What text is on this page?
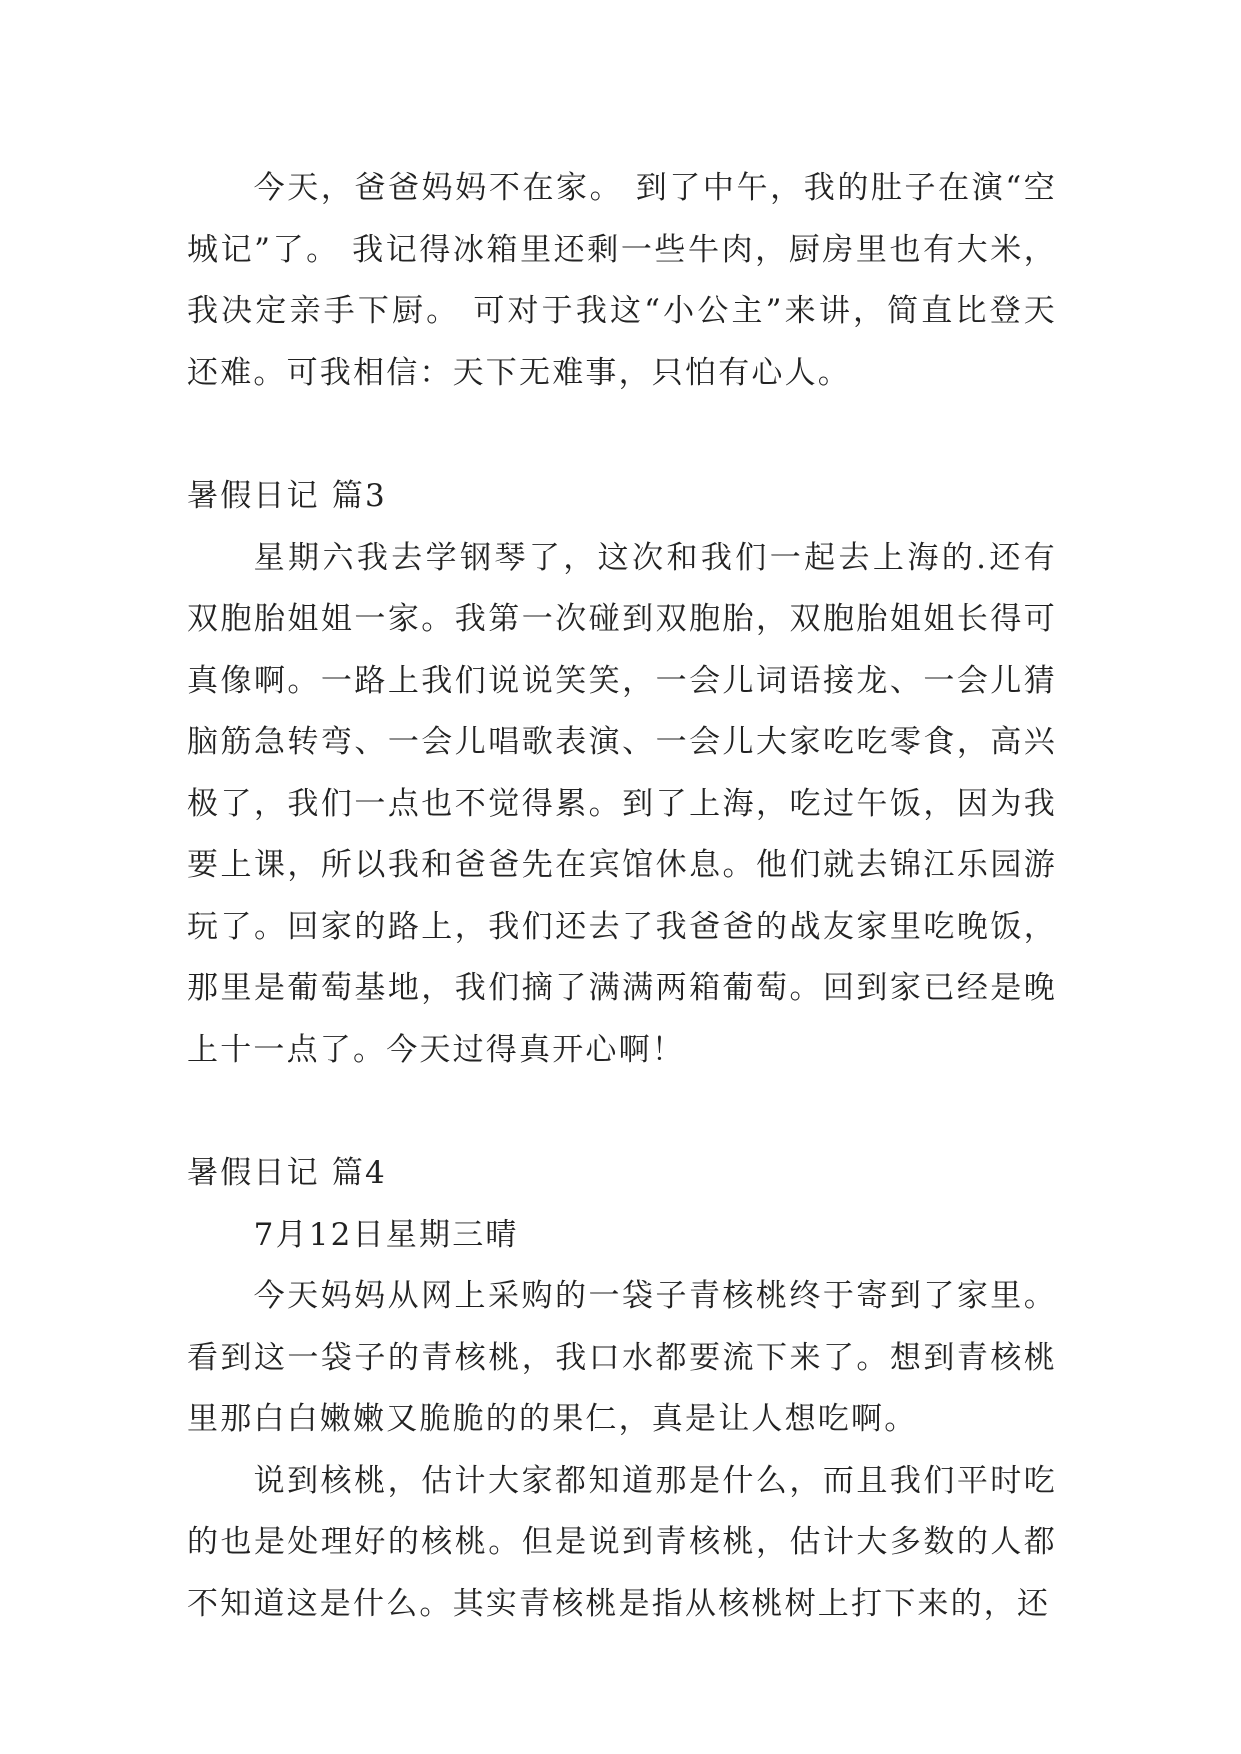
今天，爸爸妈妈不在家。 到了中午，我的肚子在演“空城记”了。 我记得冰箱里还剩一些牛肉，厨房里也有大米，我决定亲手下厨。 可对于我这“小公主”来讲，简直比登天还难。可我相信：天下无难事，只怕有心人。

暑假日记 篇3

星期六我去学钢琴了，这次和我们一起去上海的.还有双胞胎姐姐一家。我第一次碰到双胞胎，双胞胎姐姐长得可真像啊。一路上我们说说笑笑，一会儿词语接龙、一会儿猜脑筋急转弯、一会儿唱歌表演、一会儿大家吃吃零食，高兴极了，我们一点也不觉得累。到了上海，吃过午饭，因为我要上课，所以我和爸爸先在宾馆休息。他们就去锦江乐园游玩了。回家的路上，我们还去了我爸爸的战友家里吃晚饭，那里是葡萄基地，我们摘了满满两箱葡萄。回到家已经是晚上十一点了。今天过得真开心啊！

暑假日记 篇4

7月12日星期三晴

今天妈妈从网上采购的一袋子青核桃终于寄到了家里。看到这一袋子的青核桃，我口水都要流下来了。想到青核桃里那白白嫩嫩又脆脆的的果仁，真是让人想吃啊。

说到核桃，估计大家都知道那是什么，而且我们平时吃的也是处理好的核桃。但是说到青核桃，估计大多数的人都不知道这是什么。其实青核桃是指从核桃树上打下来的，还
